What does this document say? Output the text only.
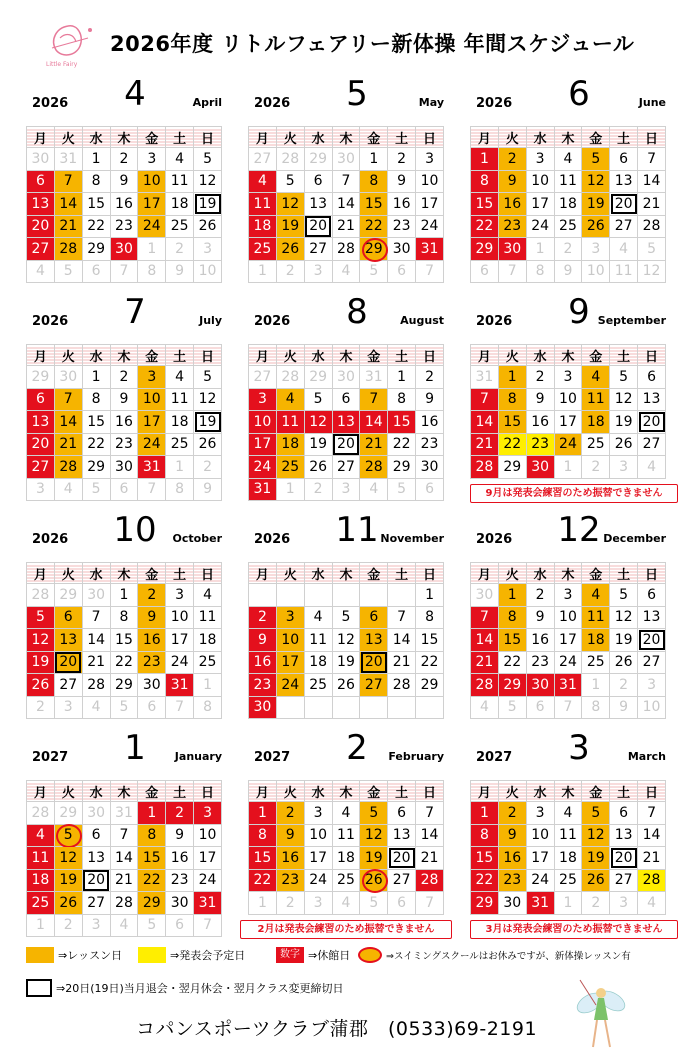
Little Fairy
2026年度 リトルフェアリー新体操 年間スケジュール
2026	4	April
月	火	水	木	金	土	日
30	31	1	2	3	4	5
6	7	8	9	10	11	12
13	14	15	16	17	18	19
20	21	22	23	24	25	26
27	28	29	30	1	2	3
4	5	6	7	8	9	10
2026	5	May
月	火	水	木	金	土	日
27	28	29	30	1	2	3
4	5	6	7	8	9	10
11	12	13	14	15	16	17
18	19	20	21	22	23	24
25	26	27	28	29	30	31
1	2	3	4	5	6	7
2026	6	June
月	火	水	木	金	土	日
1	2	3	4	5	6	7
8	9	10	11	12	13	14
15	16	17	18	19	20	21
22	23	24	25	26	27	28
29	30	1	2	3	4	5
6	7	8	9	10	11	12
2026	7	July
月	火	水	木	金	土	日
29	30	1	2	3	4	5
6	7	8	9	10	11	12
13	14	15	16	17	18	19
20	21	22	23	24	25	26
27	28	29	30	31	1	2
3	4	5	6	7	8	9
2026	8	August
月	火	水	木	金	土	日
27	28	29	30	31	1	2
3	4	5	6	7	8	9
10	11	12	13	14	15	16
17	18	19	20	21	22	23
24	25	26	27	28	29	30
31	1	2	3	4	5	6
2026	9 September
月	火	水	木	金	土	日
31	1	2	3	4	5	6
7	8	9	10	11	12	13
14	15	16	17	18	19	20
21	22	23	24	25	26	27
28	29	30	1	2	3	4
9月は発表会練習のため振替できません
2026 10	October
月	火	水	木	金	土	日
28	29	30	1	2	3	4
5	6	7	8	9	10	11
12	13	14	15	16	17	18
19	20	21	22	23	24	25
26	27	28	29	30	31	1
2	3	4	5	6	7	8
2026 11 November
月	火	水	木	金	土	日
						1
2	3	4	5	6	7	8
9	10	11	12	13	14	15
16	17	18	19	20	21	22
23	24	25	26	27	28	29
30						
2026 12 December
月	火	水	木	金	土	日
30	1	2	3	4	5	6
7	8	9	10	11	12	13
14	15	16	17	18	19	20
21	22	23	24	25	26	27
28	29	30	31	1	2	3
4	5	6	7	8	9	10
2027	1	January
月	火	水	木	金	土	日
28	29	30	31	1	2	3
4	5	6	7	8	9	10
11	12	13	14	15	16	17
18	19	20	21	22	23	24
25	26	27	28	29	30	31
1	2	3	4	5	6	7
2027	2	February
月	火	水	木	金	土	日
1	2	3	4	5	6	7
8	9	10	11	12	13	14
15	16	17	18	19	20	21
22	23	24	25	26	27	28
1	2	3	4	5	6	7
2月は発表会練習のため振替できません
2027	3	March
月	火	水	木	金	土	日
1	2	3	4	5	6	7
8	9	10	11	12	13	14
15	16	17	18	19	20	21
22	23	24	25	26	27	28
29	30	31	1	2	3	4
3月は発表会練習のため振替できません
⇒レッスン日	⇒発表会予定日	数字 ⇒休館日	⇒スイミングスクールはお休みですが、新体操レッスン有
⇒20日(19日)当月退会・翌月休会・翌月クラス変更締切日
コパンスポーツクラブ蒲郡　(0533)69-2191
